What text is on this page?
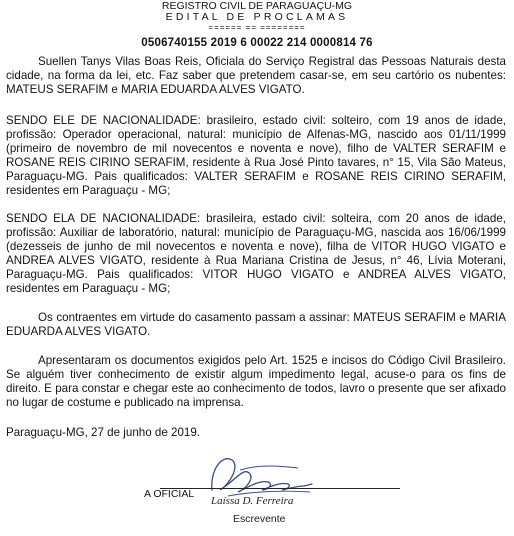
REGISTRO CIVIL DE PARAGUAÇU-MG
EDITAL DE PROCLAMAS
====== == ========
0506740155 2019 6 00022 214 0000814 76

Suellen Tanys Vilas Boas Reis, Oficiala do Serviço Registral das Pessoas Naturais desta cidade, na forma da lei, etc. Faz saber que pretendem casar-se, em seu cartório os nubentes: MATEUS SERAFIM e MARIA EDUARDA ALVES VIGATO.

SENDO ELE DE NACIONALIDADE: brasileiro, estado civil: solteiro, com 19 anos de idade, profissão: Operador operacional, natural: município de Alfenas-MG, nascido aos 01/11/1999 (primeiro de novembro de mil novecentos e noventa e nove), filho de VALTER SERAFIM e ROSANE REIS CIRINO SERAFIM, residente à Rua José Pinto tavares, n° 15, Vila São Mateus, Paraguaçu-MG. Pais qualificados: VALTER SERAFIM e ROSANE REIS CIRINO SERAFIM, residentes em Paraguaçu - MG;

SENDO ELA DE NACIONALIDADE: brasileira, estado civil: solteira, com 20 anos de idade, profissão: Auxiliar de laboratório, natural: município de Paraguaçu-MG, nascida aos 16/06/1999 (dezesseis de junho de mil novecentos e noventa e nove), filha de VITOR HUGO VIGATO e ANDREA ALVES VIGATO, residente à Rua Mariana Cristina de Jesus, n° 46, Lívia Moterani, Paraguaçu-MG. Pais qualificados: VITOR HUGO VIGATO e ANDREA ALVES VIGATO, residentes em Paraguaçu - MG;

Os contraentes em virtude do casamento passam a assinar: MATEUS SERAFIM e MARIA EDUARDA ALVES VIGATO.

Apresentaram os documentos exigidos pelo Art. 1525 e incisos do Código Civil Brasileiro. Se alguém tiver conhecimento de existir algum impedimento legal, acuse-o para os fins de direito. E para constar e chegar este ao conhecimento de todos, lavro o presente que ser afixado no lugar de costume e publicado na imprensa.

Paraguaçu-MG, 27 de junho de 2019.
A OFICIAL
Laíssa D. Ferreira
Escrevente
